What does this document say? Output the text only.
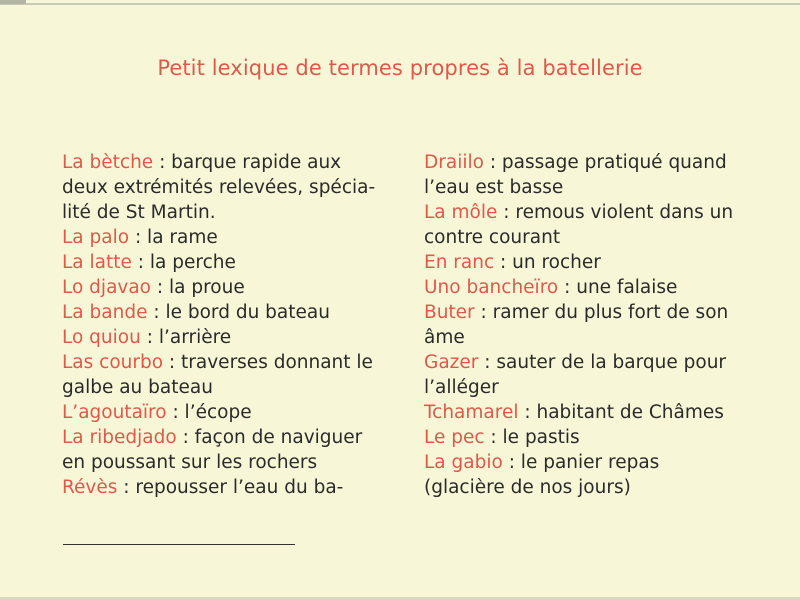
Petit lexique de termes propres à la batellerie
La bètche : barque rapide aux
deux extrémités relevées, spécia-
lité de St Martin.
La palo : la rame
La latte : la perche
Lo djavao : la proue
La bande : le bord du bateau
Lo quiou : l’arrière
Las courbo : traverses donnant le
galbe au bateau
L’agoutaïro : l’écope
La ribedjado : façon de naviguer
en poussant sur les rochers
Révès : repousser l’eau du ba-
Draiilo : passage pratiqué quand
l’eau est basse
La môle : remous violent dans un
contre courant
En ranc : un rocher
Uno bancheïro : une falaise
Buter : ramer du plus fort de son
âme
Gazer : sauter de la barque pour
l’alléger
Tchamarel : habitant de Châmes
Le pec : le pastis
La gabio : le panier repas
(glacière de nos jours)
